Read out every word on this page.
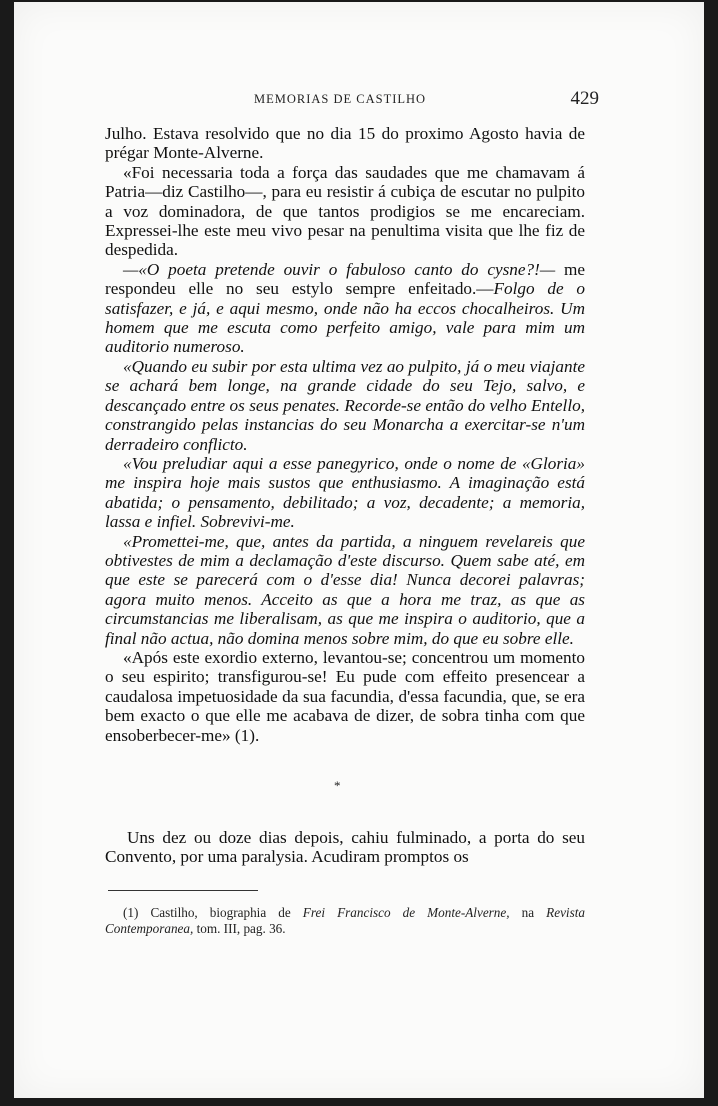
MEMORIAS DE CASTILHO	429

Julho. Estava resolvido que no dia 15 do proximo Agosto havia de prégar Monte-Alverne.

«Foi necessaria toda a força das saudades que me chamavam á Patria—diz Castilho—, para eu resistir á cubiça de escutar no pulpito a voz dominadora, de que tantos prodigios se me encareciam. Expressei-lhe este meu vivo pesar na penultima visita que lhe fiz de despedida.

—«O poeta pretende ouvir o fabuloso canto do cysne?!— me respondeu elle no seu estylo sempre enfeitado.—Folgo de o satisfazer, e já, e aqui mesmo, onde não ha eccos chocalheiros. Um homem que me escuta como perfeito amigo, vale para mim um auditorio numeroso.

«Quando eu subir por esta ultima vez ao pulpito, já o meu viajante se achará bem longe, na grande cidade do seu Tejo, salvo, e descançado entre os seus penates. Recorde-se então do velho Entello, constrangido pelas instancias do seu Monarcha a exercitar-se n'um derradeiro conflicto.

«Vou preludiar aqui a esse panegyrico, onde o nome de «Gloria» me inspira hoje mais sustos que enthusiasmo. A imaginação está abatida; o pensamento, debilitado; a voz, decadente; a memoria, lassa e infiel. Sobrevivi-me.

«Promettei-me, que, antes da partida, a ninguem revelareis que obtivestes de mim a declamação d'este discurso. Quem sabe até, em que este se parecerá com o d'esse dia! Nunca decorei palavras; agora muito menos. Acceito as que a hora me traz, as que as circumstancias me liberalisam, as que me inspira o auditorio, que a final não actua, não domina menos sobre mim, do que eu sobre elle.

«Após este exordio externo, levantou-se; concentrou um momento o seu espirito; transfigurou-se! Eu pude com effeito presencear a caudalosa impetuosidade da sua facundia, d'essa facundia, que, se era bem exacto o que elle me acabava de dizer, de sobra tinha com que ensoberbecer-me» (1).

*

Uns dez ou doze dias depois, cahiu fulminado, a porta do seu Convento, por uma paralysia. Acudiram promptos os

(1) Castilho, biographia de Frei Francisco de Monte-Alverne, na Revista Contemporanea, tom. III, pag. 36.
